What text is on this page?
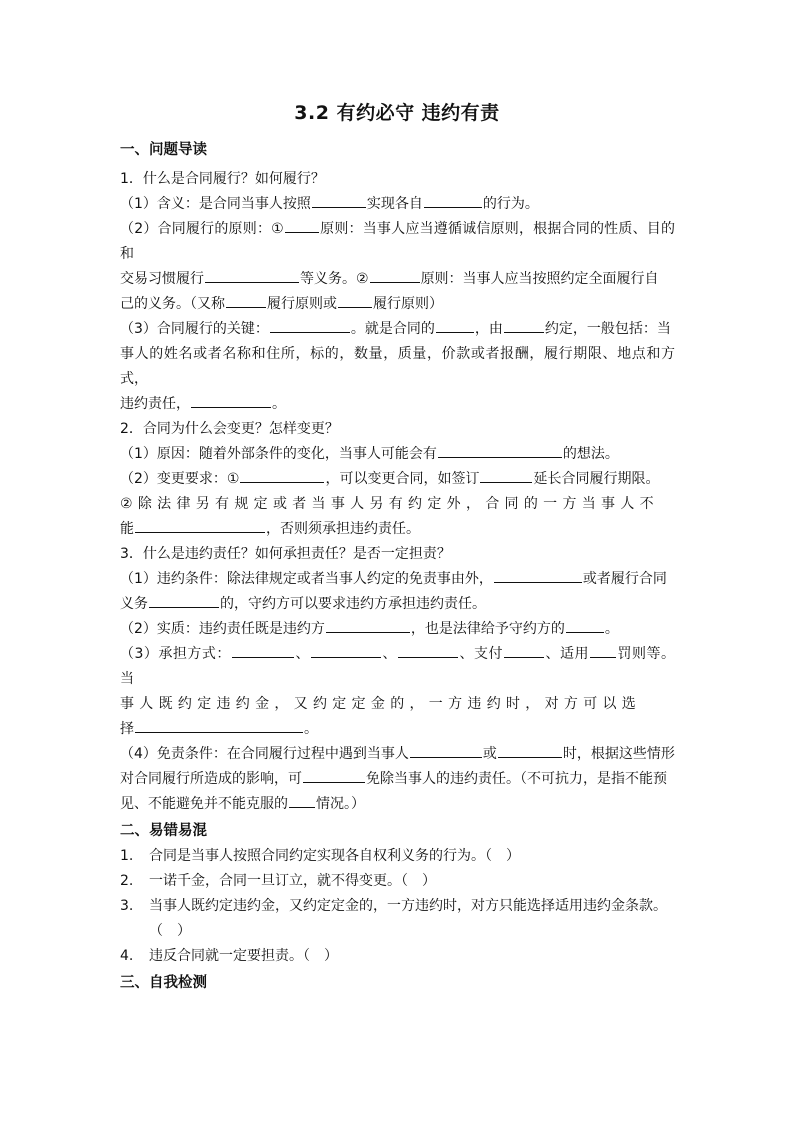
3.2 有约必守 违约有责
一、问题导读

1．什么是合同履行？如何履行？

（1）含义：是合同当事人按照	实现各自	的行为。

（2）合同履行的原则：①	原则：当事人应当遵循诚信原则，根据合同的性质、目的和
交易习惯履行	等义务。②	原则：当事人应当按照约定全面履行自
己的义务。（又称	履行原则或	履行原则）

（3）合同履行的关键：	。就是合同的	，由	约定，一般包括：当
事人的姓名或者名称和住所，标的，数量，质量，价款或者报酬，履行期限、地点和方式，
违约责任，	。

2．合同为什么会变更？怎样变更？

（1）原因：随着外部条件的变化，当事人可能会有	的想法。

（2）变更要求：①	，可以变更合同，如签订	延长合同履行期限。
②除法律另有规定或者当事人另有约定外，合同的一方当事人不
能	，否则须承担违约责任。

3．什么是违约责任？如何承担责任？是否一定担责？

（1）违约条件：除法律规定或者当事人约定的免责事由外，	或者履行合同
义务	的，守约方可以要求违约方承担违约责任。

（2）实质：违约责任既是违约方	，也是法律给予守约方的	。

（3）承担方式：	、	、	、支付	、适用 罚则等。当
事人既约定违约金，又约定定金的，一方违约时，对方可以选
择	。

（4）免责条件：在合同履行过程中遇到当事人	或	时，根据这些情形
对合同履行所造成的影响，可	免除当事人的违约责任。（不可抗力，是指不能预
见、不能避免并不能克服的 情况。）

二、易错易混
1.	合同是当事人按照合同约定实现各自权利义务的行为。（　）
2.	一诺千金，合同一旦订立，就不得变更。（　）
3.	当事人既约定违约金，又约定定金的，一方违约时，对方只能选择适用违约金条款。
（　）
4.	违反合同就一定要担责。（　）
三、自我检测
